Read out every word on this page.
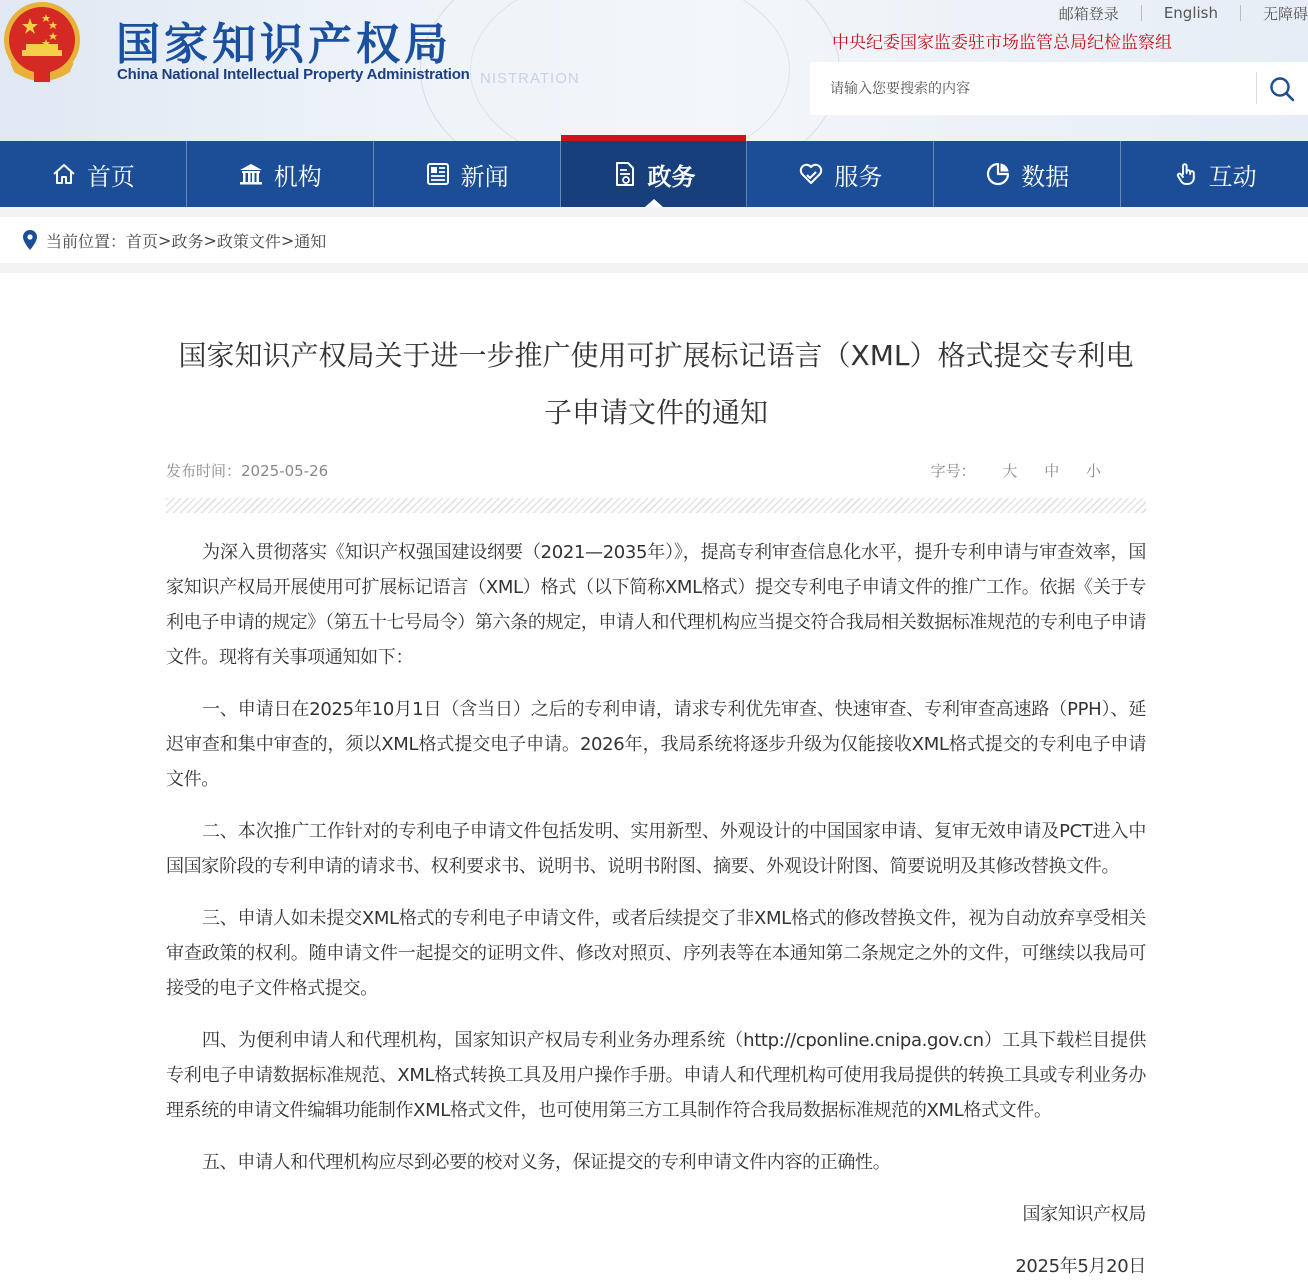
NISTRATION
国家知识产权局
China National Intellectual Property Administration
邮箱登录	English	无障碍
中央纪委国家监委驻市场监管总局纪检监察组
请输入您要搜索的内容
首页	机构	新闻	政务	服务	数据	互动
当前位置： 首页 > 政务 > 政策文件 > 通知
国家知识产权局关于进一步推广使用可扩展标记语言（XML）格式提交专利电子申请文件的通知
发布时间：2025-05-26	字号： 大 中 小

为深入贯彻落实《知识产权强国建设纲要（2021—2035年）》，提高专利审查信息化水平，提升专利申请与审查效率，国家知识产权局开展使用可扩展标记语言（XML）格式（以下简称XML格式）提交专利电子申请文件的推广工作。依据《关于专利电子申请的规定》（第五十七号局令）第六条的规定，申请人和代理机构应当提交符合我局相关数据标准规范的专利电子申请文件。现将有关事项通知如下：

一、申请日在2025年10月1日（含当日）之后的专利申请，请求专利优先审查、快速审查、专利审查高速路（PPH）、延迟审查和集中审查的，须以XML格式提交电子申请。2026年，我局系统将逐步升级为仅能接收XML格式提交的专利电子申请文件。

二、本次推广工作针对的专利电子申请文件包括发明、实用新型、外观设计的中国国家申请、复审无效申请及PCT进入中国国家阶段的专利申请的请求书、权利要求书、说明书、说明书附图、摘要、外观设计附图、简要说明及其修改替换文件。

三、申请人如未提交XML格式的专利电子申请文件，或者后续提交了非XML格式的修改替换文件，视为自动放弃享受相关审查政策的权利。随申请文件一起提交的证明文件、修改对照页、序列表等在本通知第二条规定之外的文件，可继续以我局可接受的电子文件格式提交。

四、为便利申请人和代理机构，国家知识产权局专利业务办理系统（http://cponline.cnipa.gov.cn）工具下载栏目提供专利电子申请数据标准规范、XML格式转换工具及用户操作手册。申请人和代理机构可使用我局提供的转换工具或专利业务办理系统的申请文件编辑功能制作XML格式文件，也可使用第三方工具制作符合我局数据标准规范的XML格式文件。

五、申请人和代理机构应尽到必要的校对义务，保证提交的专利申请文件内容的正确性。

国家知识产权局

2025年5月20日
